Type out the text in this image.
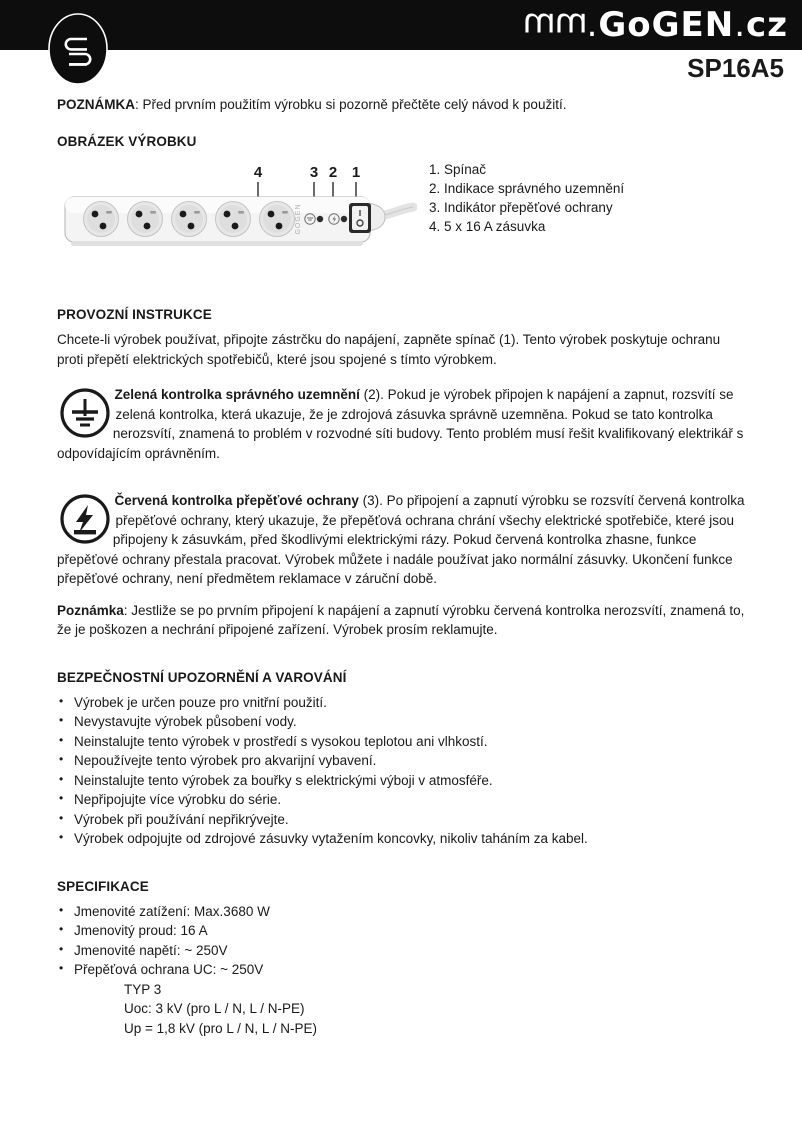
ɯɯ . GoGEN . cz
SP16A5
POZNÁMKA: Před prvním použitím výrobku si pozorně přečtěte celý návod k použití.
OBRÁZEK VÝROBKU
4	3 2 1
GOGEN
1. Spínač
2. Indikace správného uzemnění
3. Indikátor přepěťové ochrany
4. 5 x 16 A zásuvka
PROVOZNÍ INSTRUKCE

Chcete-li výrobek používat, připojte zástrčku do napájení, zapněte spínač (1). Tento výrobek poskytuje ochranu proti přepětí elektrických spotřebičů, které jsou spojené s tímto výrobkem.

Zelená kontrolka správného uzemnění (2). Pokud je výrobek připojen k napájení a zapnut, rozsvítí se zelená kontrolka, která ukazuje, že je zdrojová zásuvka správně uzemněna. Pokud se tato kontrolka nerozsvítí, znamená to problém v rozvodné síti budovy. Tento problém musí řešit kvalifikovaný elektrikář s odpovídajícím oprávněním.

Červená kontrolka přepěťové ochrany (3). Po připojení a zapnutí výrobku se rozsvítí červená kontrolka přepěťové ochrany, který ukazuje, že přepěťová ochrana chrání všechy elektrické spotřebiče, které jsou připojeny k zásuvkám, před škodlivými elektrickými rázy. Pokud červená kontrolka zhasne, funkce přepěťové ochrany přestala pracovat. Výrobek můžete i nadále používat jako normální zásuvky. Ukončení funkce přepěťové ochrany, není předmětem reklamace v záruční době.

Poznámka: Jestliže se po prvním připojení k napájení a zapnutí výrobku červená kontrolka nerozsvítí, znamená to, že je poškozen a nechrání připojené zařízení. Výrobek prosím reklamujte.

BEZPEČNOSTNÍ UPOZORNĚNÍ A VAROVÁNÍ
• Výrobek je určen pouze pro vnitřní použití.
• Nevystavujte výrobek působení vody.
• Neinstalujte tento výrobek v prostředí s vysokou teplotou ani vlhkostí.
• Nepoužívejte tento výrobek pro akvarijní vybavení.
• Neinstalujte tento výrobek za bouřky s elektrickými výboji v atmosféře.
• Nepřipojujte více výrobku do série.
• Výrobek při používání nepřikrývejte.
• Výrobek odpojujte od zdrojové zásuvky vytažením koncovky, nikoliv taháním za kabel.
SPECIFIKACE
• Jmenovité zatížení: Max.3680 W
• Jmenovitý proud: 16 A
• Jmenovité napětí: ~ 250V
• Přepěťová ochrana UC: ~ 250V
TYP 3
Uoc: 3 kV (pro L / N, L / N-PE)
Up = 1,8 kV (pro L / N, L / N-PE)
